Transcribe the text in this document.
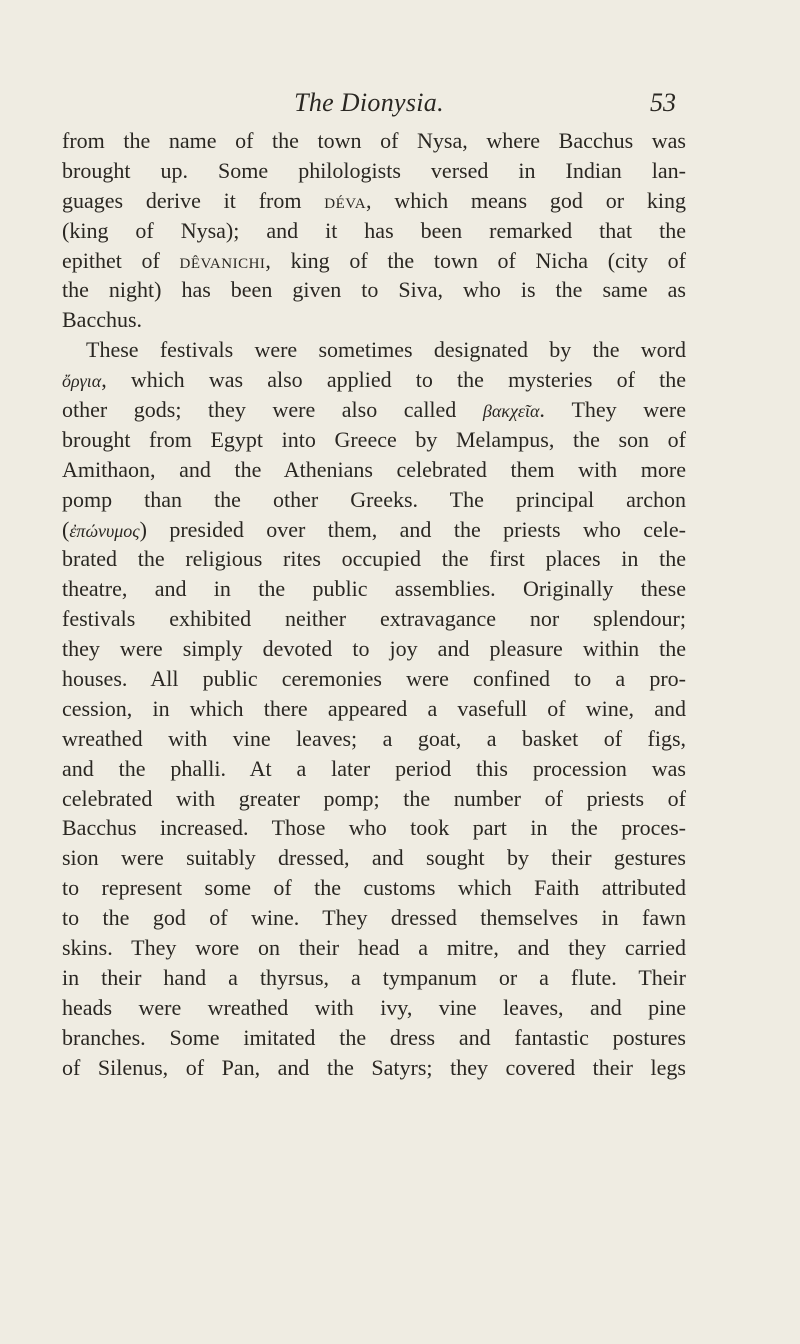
The Dionysia.	53
from the name of the town of Nysa, where Bacchus was
brought up. Some philologists versed in Indian lan-
guages derive it from déva, which means god or king
(king of Nysa); and it has been remarked that the
epithet of dêvanichi, king of the town of Nicha (city of
the night) has been given to Siva, who is the same as
Bacchus.
These festivals were sometimes designated by the word
ὄργια, which was also applied to the mysteries of the
other gods; they were also called βακχεῖα. They were
brought from Egypt into Greece by Melampus, the son of
Amithaon, and the Athenians celebrated them with more
pomp than the other Greeks. The principal archon
(ἐπώνυμος) presided over them, and the priests who cele-
brated the religious rites occupied the first places in the
theatre, and in the public assemblies. Originally these
festivals exhibited neither extravagance nor splendour;
they were simply devoted to joy and pleasure within the
houses. All public ceremonies were confined to a pro-
cession, in which there appeared a vasefull of wine, and
wreathed with vine leaves; a goat, a basket of figs,
and the phalli. At a later period this procession was
celebrated with greater pomp; the number of priests of
Bacchus increased. Those who took part in the proces-
sion were suitably dressed, and sought by their gestures
to represent some of the customs which Faith attributed
to the god of wine. They dressed themselves in fawn
skins. They wore on their head a mitre, and they carried
in their hand a thyrsus, a tympanum or a flute. Their
heads were wreathed with ivy, vine leaves, and pine
branches. Some imitated the dress and fantastic postures
of Silenus, of Pan, and the Satyrs; they covered their legs
